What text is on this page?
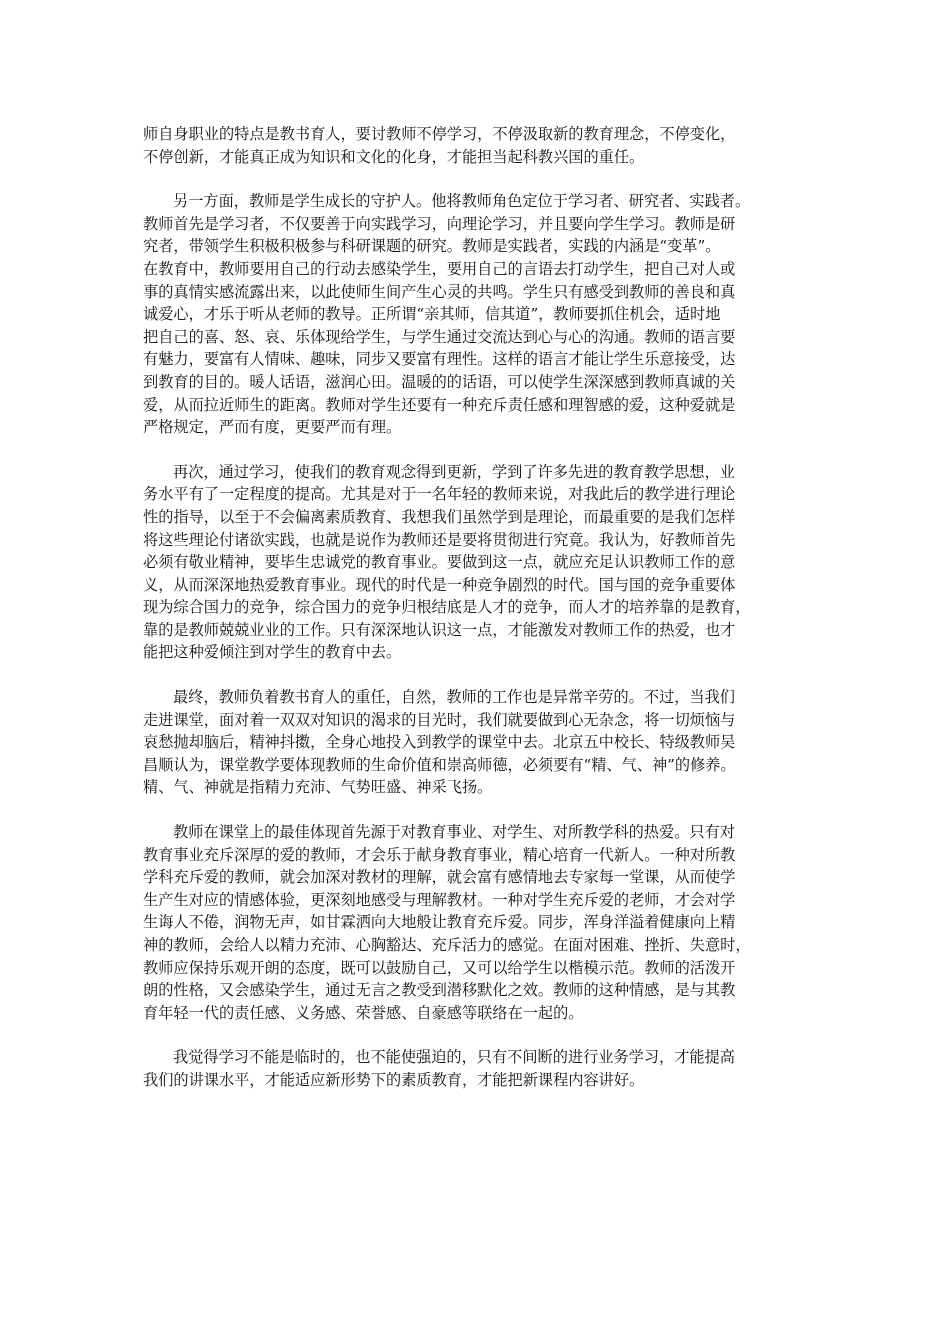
师自身职业的特点是教书育人，要讨教师不停学习，不停汲取新的教育理念，不停变化，
不停创新，才能真正成为知识和文化的化身，才能担当起科教兴国的重任。

另一方面，教师是学生成长的守护人。他将教师角色定位于学习者、研究者、实践者。
教师首先是学习者，不仅要善于向实践学习，向理论学习，并且要向学生学习。教师是研
究者，带领学生积极积极参与科研课题的研究。教师是实践者，实践的内涵是“变革”。
在教育中，教师要用自己的行动去感染学生，要用自己的言语去打动学生，把自己对人或
事的真情实感流露出来，以此使师生间产生心灵的共鸣。学生只有感受到教师的善良和真
诚爱心，才乐于听从老师的教导。正所谓“亲其师，信其道”，教师要抓住机会，适时地
把自己的喜、怒、哀、乐体现给学生，与学生通过交流达到心与心的沟通。教师的语言要
有魅力，要富有人情味、趣味，同步又要富有理性。这样的语言才能让学生乐意接受，达
到教育的目的。暖人话语，滋润心田。温暖的的话语，可以使学生深深感到教师真诚的关
爱，从而拉近师生的距离。教师对学生还要有一种充斥责任感和理智感的爱，这种爱就是
严格规定，严而有度，更要严而有理。

再次，通过学习，使我们的教育观念得到更新，学到了许多先进的教育教学思想，业
务水平有了一定程度的提高。尤其是对于一名年轻的教师来说，对我此后的教学进行理论
性的指导，以至于不会偏离素质教育、我想我们虽然学到是理论，而最重要的是我们怎样
将这些理论付诸欲实践，也就是说作为教师还是要将贯彻进行究竟。我认为，好教师首先
必须有敬业精神，要毕生忠诚党的教育事业。要做到这一点，就应充足认识教师工作的意
义，从而深深地热爱教育事业。现代的时代是一种竞争剧烈的时代。国与国的竞争重要体
现为综合国力的竞争，综合国力的竞争归根结底是人才的竞争，而人才的培养靠的是教育，
靠的是教师兢兢业业的工作。只有深深地认识这一点，才能激发对教师工作的热爱，也才
能把这种爱倾注到对学生的教育中去。

最终，教师负着教书育人的重任，自然，教师的工作也是异常辛劳的。不过，当我们
走进课堂，面对着一双双对知识的渴求的目光时，我们就要做到心无杂念，将一切烦恼与
哀愁抛却脑后，精神抖擞，全身心地投入到教学的课堂中去。北京五中校长、特级教师吴
昌顺认为，课堂教学要体现教师的生命价值和崇高师德，必须要有“精、气、神”的修养。
精、气、神就是指精力充沛、气势旺盛、神采飞扬。

教师在课堂上的最佳体现首先源于对教育事业、对学生、对所教学科的热爱。只有对
教育事业充斥深厚的爱的教师，才会乐于献身教育事业，精心培育一代新人。一种对所教
学科充斥爱的教师，就会加深对教材的理解，就会富有感情地去专家每一堂课，从而使学
生产生对应的情感体验，更深刻地感受与理解教材。一种对学生充斥爱的老师，才会对学
生诲人不倦，润物无声，如甘霖洒向大地般让教育充斥爱。同步，浑身洋溢着健康向上精
神的教师，会给人以精力充沛、心胸豁达、充斥活力的感觉。在面对困难、挫折、失意时，
教师应保持乐观开朗的态度，既可以鼓励自己，又可以给学生以楷模示范。教师的活泼开
朗的性格，又会感染学生，通过无言之教受到潜移默化之效。教师的这种情感，是与其教
育年轻一代的责任感、义务感、荣誉感、自豪感等联络在一起的。

我觉得学习不能是临时的，也不能使强迫的，只有不间断的进行业务学习，才能提高
我们的讲课水平，才能适应新形势下的素质教育，才能把新课程内容讲好。
